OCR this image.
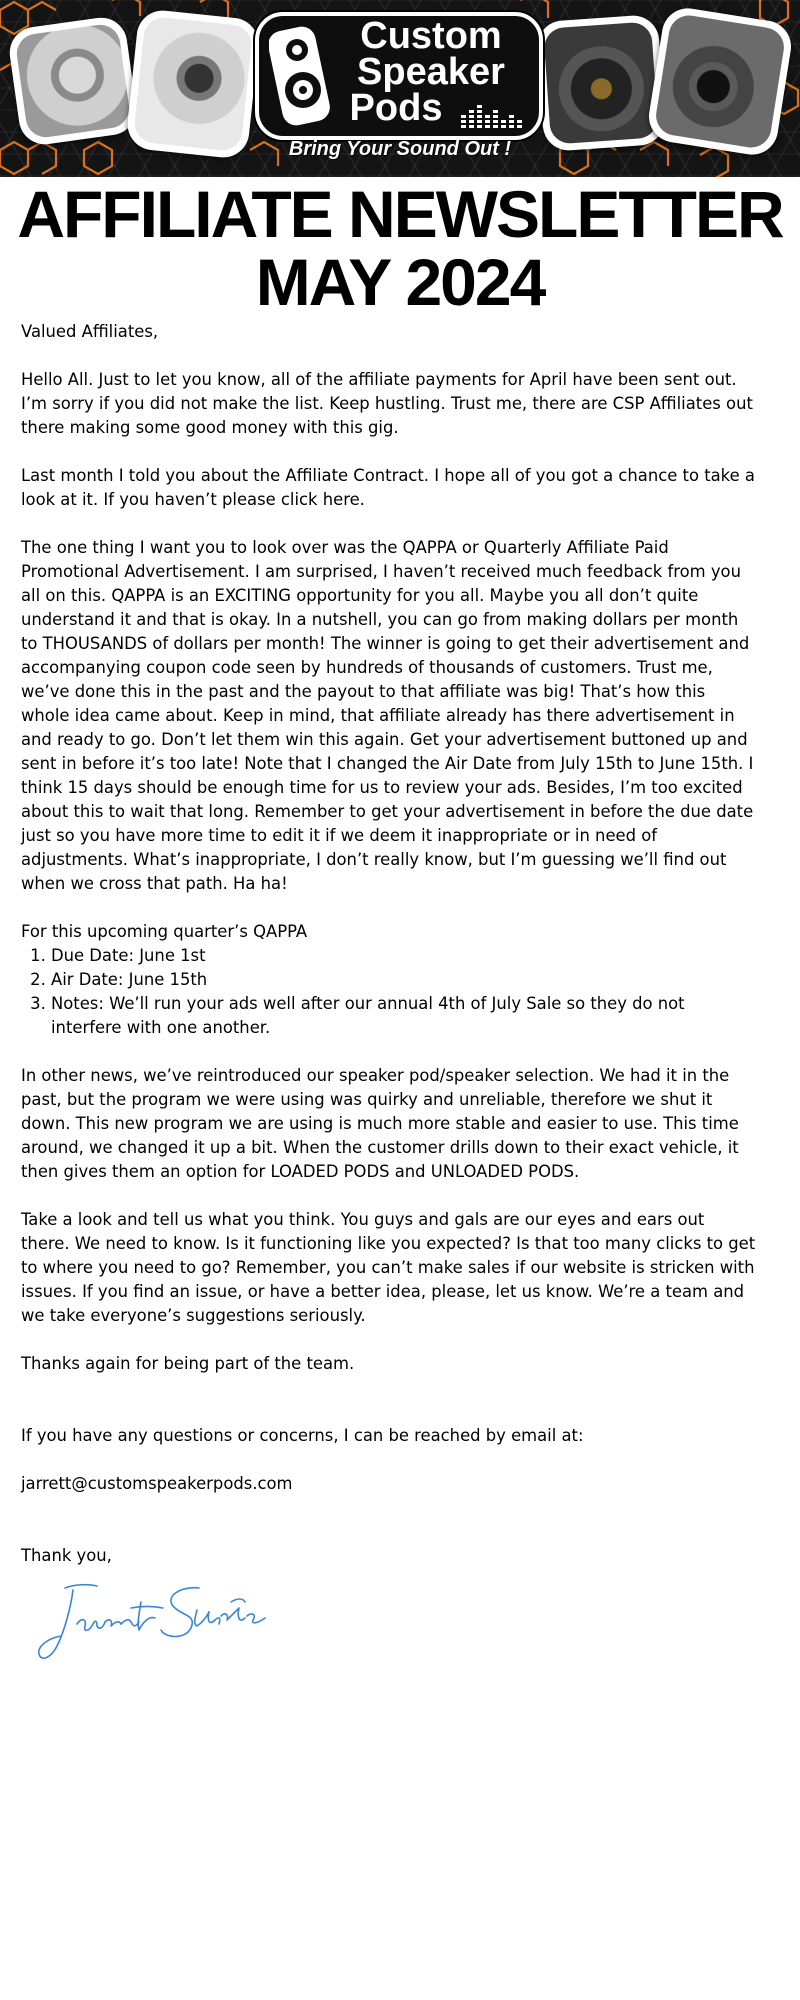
Custom
Speaker
Pods
Bring Your Sound Out !
AFFILIATE NEWSLETTER
MAY 2024

Valued Affiliates,

Hello All. Just to let you know, all of the affiliate payments for April have been sent out. I’m sorry if you did not make the list. Keep hustling. Trust me, there are CSP Affiliates out there making some good money with this gig.

Last month I told you about the Affiliate Contract. I hope all of you got a chance to take a look at it. If you haven’t please click here.

The one thing I want you to look over was the QAPPA or Quarterly Affiliate Paid Promotional Advertisement. I am surprised, I haven’t received much feedback from you all on this. QAPPA is an EXCITING opportunity for you all. Maybe you all don’t quite understand it and that is okay. In a nutshell, you can go from making dollars per month to THOUSANDS of dollars per month! The winner is going to get their advertisement and accompanying coupon code seen by hundreds of thousands of customers. Trust me, we’ve done this in the past and the payout to that affiliate was big! That’s how this whole idea came about. Keep in mind, that affiliate already has there advertisement in and ready to go. Don’t let them win this again. Get your advertisement buttoned up and sent in before it’s too late! Note that I changed the Air Date from July 15th to June 15th. I think 15 days should be enough time for us to review your ads. Besides, I’m too excited about this to wait that long. Remember to get your advertisement in before the due date just so you have more time to edit it if we deem it inappropriate or in need of adjustments. What’s inappropriate, I don’t really know, but I’m guessing we’ll find out when we cross that path. Ha ha!

For this upcoming quarter’s QAPPA

1. Due Date: June 1st
2. Air Date: June 15th
3. Notes: We’ll run your ads well after our annual 4th of July Sale so they do not interfere with one another.

In other news, we’ve reintroduced our speaker pod/speaker selection. We had it in the past, but the program we were using was quirky and unreliable, therefore we shut it down. This new program we are using is much more stable and easier to use. This time around, we changed it up a bit. When the customer drills down to their exact vehicle, it then gives them an option for LOADED PODS and UNLOADED PODS.

Take a look and tell us what you think. You guys and gals are our eyes and ears out there. We need to know. Is it functioning like you expected? Is that too many clicks to get to where you need to go? Remember, you can’t make sales if our website is stricken with issues. If you find an issue, or have a better idea, please, let us know. We’re a team and we take everyone’s suggestions seriously.

Thanks again for being part of the team.

If you have any questions or concerns, I can be reached by email at:

jarrett@customspeakerpods.com

Thank you,
